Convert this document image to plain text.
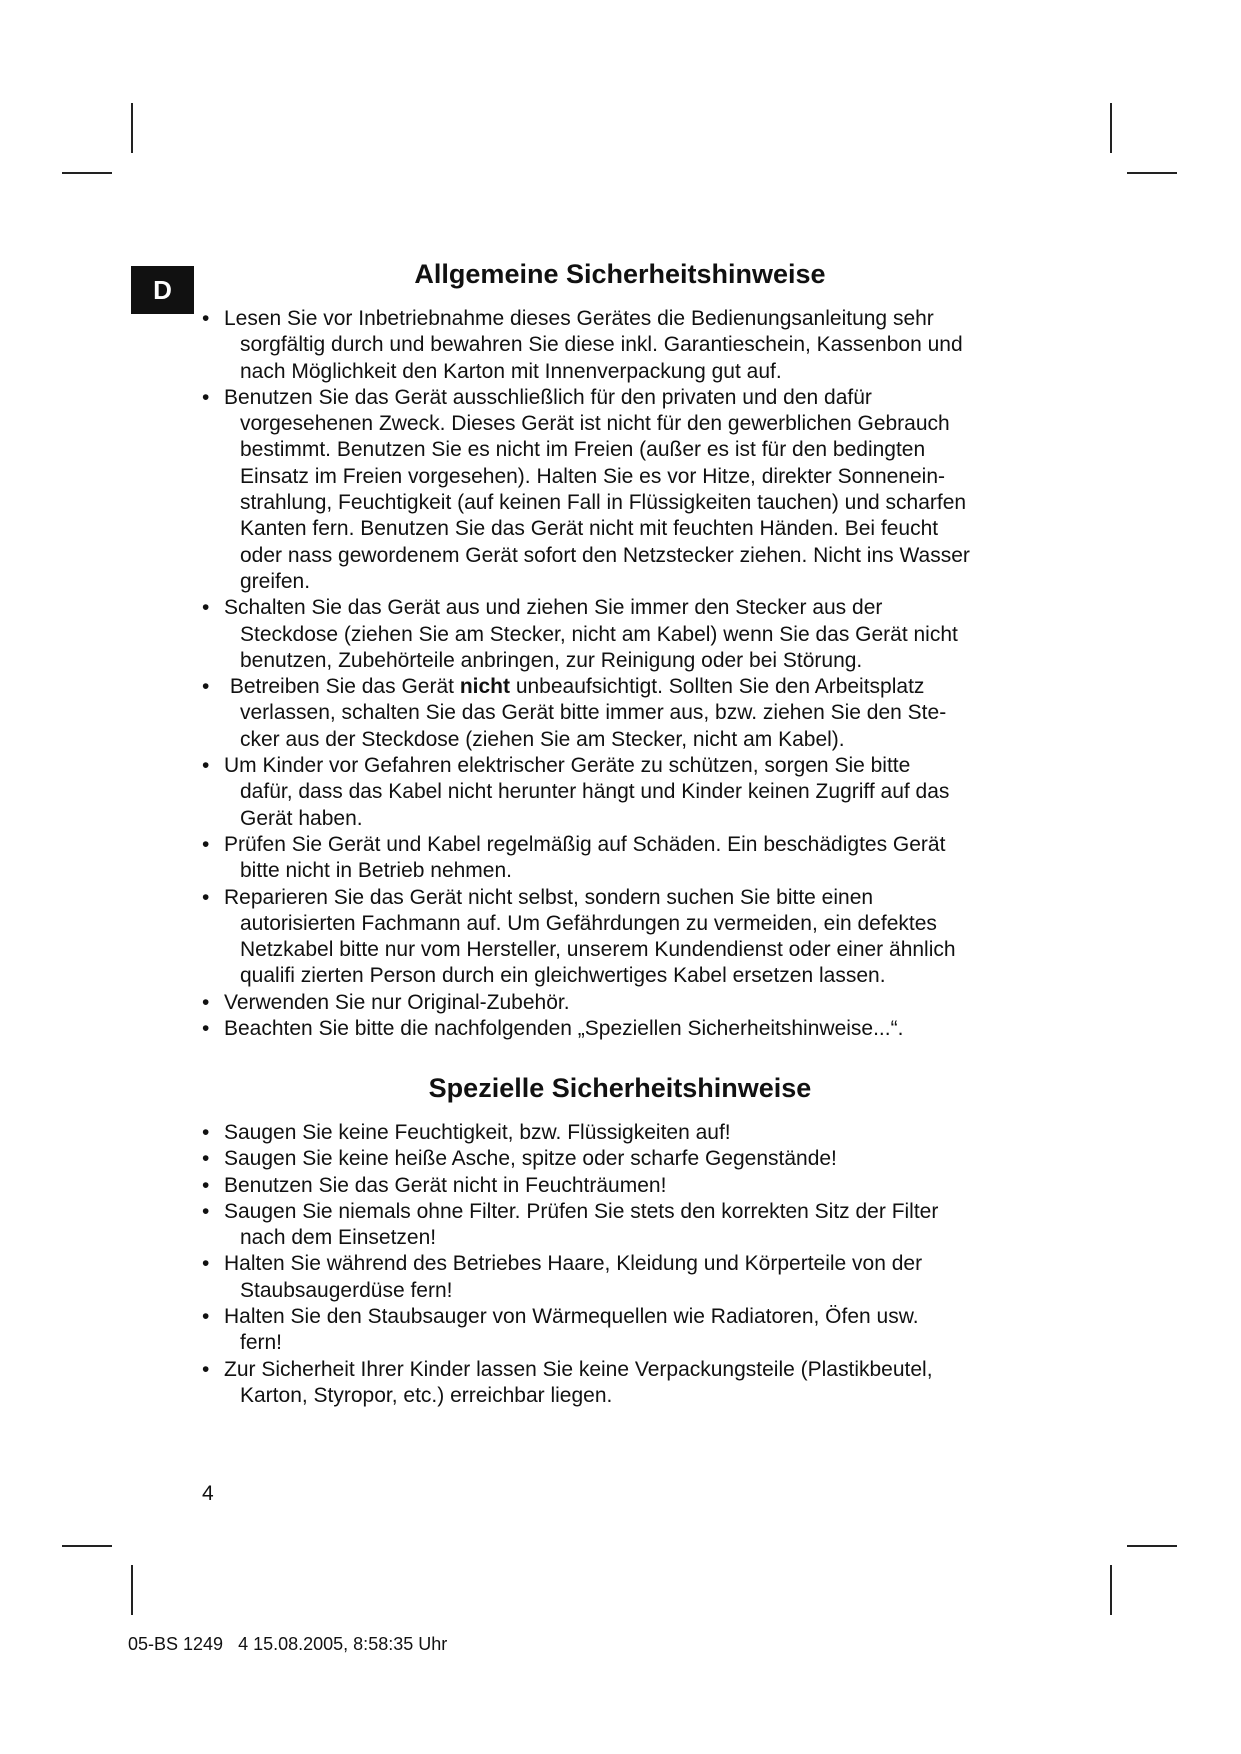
D
Allgemeine Sicherheitshinweise
• Lesen Sie vor Inbetriebnahme dieses Gerätes die Bedienungsanleitung sehr
sorgfältig durch und bewahren Sie diese inkl. Garantieschein, Kassenbon und
nach Möglichkeit den Karton mit Innenverpackung gut auf.
• Benutzen Sie das Gerät ausschließlich für den privaten und den dafür
vorgesehenen Zweck. Dieses Gerät ist nicht für den gewerblichen Gebrauch
bestimmt. Benutzen Sie es nicht im Freien (außer es ist für den bedingten
Einsatz im Freien vorgesehen). Halten Sie es vor Hitze, direkter Sonnenein-
strahlung, Feuchtigkeit (auf keinen Fall in Flüssigkeiten tauchen) und scharfen
Kanten fern. Benutzen Sie das Gerät nicht mit feuchten Händen. Bei feucht
oder nass gewordenem Gerät sofort den Netzstecker ziehen. Nicht ins Wasser
greifen.
• Schalten Sie das Gerät aus und ziehen Sie immer den Stecker aus der
Steckdose (ziehen Sie am Stecker, nicht am Kabel) wenn Sie das Gerät nicht
benutzen, Zubehörteile anbringen, zur Reinigung oder bei Störung.
• Betreiben Sie das Gerät nicht unbeaufsichtigt. Sollten Sie den Arbeitsplatz
verlassen, schalten Sie das Gerät bitte immer aus, bzw. ziehen Sie den Ste-
cker aus der Steckdose (ziehen Sie am Stecker, nicht am Kabel).
• Um Kinder vor Gefahren elektrischer Geräte zu schützen, sorgen Sie bitte
dafür, dass das Kabel nicht herunter hängt und Kinder keinen Zugriff auf das
Gerät haben.
• Prüfen Sie Gerät und Kabel regelmäßig auf Schäden. Ein beschädigtes Gerät
bitte nicht in Betrieb nehmen.
• Reparieren Sie das Gerät nicht selbst, sondern suchen Sie bitte einen
autorisierten Fachmann auf. Um Gefährdungen zu vermeiden, ein defektes
Netzkabel bitte nur vom Hersteller, unserem Kundendienst oder einer ähnlich
qualifi zierten Person durch ein gleichwertiges Kabel ersetzen lassen.
• Verwenden Sie nur Original-Zubehör.
• Beachten Sie bitte die nachfolgenden „Speziellen Sicherheitshinweise...“.
Spezielle Sicherheitshinweise
• Saugen Sie keine Feuchtigkeit, bzw. Flüssigkeiten auf!
• Saugen Sie keine heiße Asche, spitze oder scharfe Gegenstände!
• Benutzen Sie das Gerät nicht in Feuchträumen!
• Saugen Sie niemals ohne Filter. Prüfen Sie stets den korrekten Sitz der Filter
nach dem Einsetzen!
• Halten Sie während des Betriebes Haare, Kleidung und Körperteile von der
Staubsaugerdüse fern!
• Halten Sie den Staubsauger von Wärmequellen wie Radiatoren, Öfen usw.
fern!
• Zur Sicherheit Ihrer Kinder lassen Sie keine Verpackungsteile (Plastikbeutel,
Karton, Styropor, etc.) erreichbar liegen.
4
05-BS 1249   4 15.08.2005, 8:58:35 Uhr
